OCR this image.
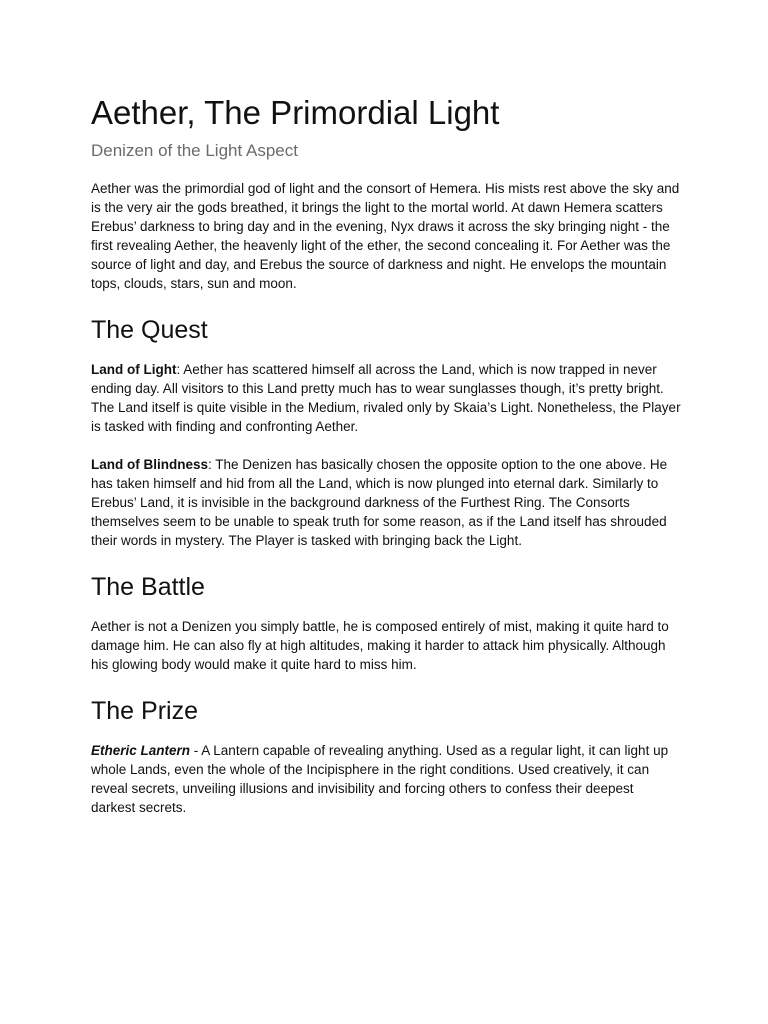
Aether, The Primordial Light
Denizen of the Light Aspect

Aether was the primordial god of light and the consort of Hemera. His mists rest above the sky and is the very air the gods breathed, it brings the light to the mortal world. At dawn Hemera scatters Erebus’ darkness to bring day and in the evening, Nyx draws it across the sky bringing night - the first revealing Aether, the heavenly light of the ether, the second concealing it. For Aether was the source of light and day, and Erebus the source of darkness and night. He envelops the mountain tops, clouds, stars, sun and moon.

The Quest

Land of Light: Aether has scattered himself all across the Land, which is now trapped in never ending day. All visitors to this Land pretty much has to wear sunglasses though, it’s pretty bright. The Land itself is quite visible in the Medium, rivaled only by Skaia’s Light. Nonetheless, the Player is tasked with finding and confronting Aether.

Land of Blindness: The Denizen has basically chosen the opposite option to the one above. He has taken himself and hid from all the Land, which is now plunged into eternal dark. Similarly to Erebus’ Land, it is invisible in the background darkness of the Furthest Ring. The Consorts themselves seem to be unable to speak truth for some reason, as if the Land itself has shrouded their words in mystery. The Player is tasked with bringing back the Light.

The Battle

Aether is not a Denizen you simply battle, he is composed entirely of mist, making it quite hard to damage him. He can also fly at high altitudes, making it harder to attack him physically. Although his glowing body would make it quite hard to miss him.

The Prize

Etheric Lantern - A Lantern capable of revealing anything. Used as a regular light, it can light up whole Lands, even the whole of the Incipisphere in the right conditions. Used creatively, it can reveal secrets, unveiling illusions and invisibility and forcing others to confess their deepest darkest secrets.
